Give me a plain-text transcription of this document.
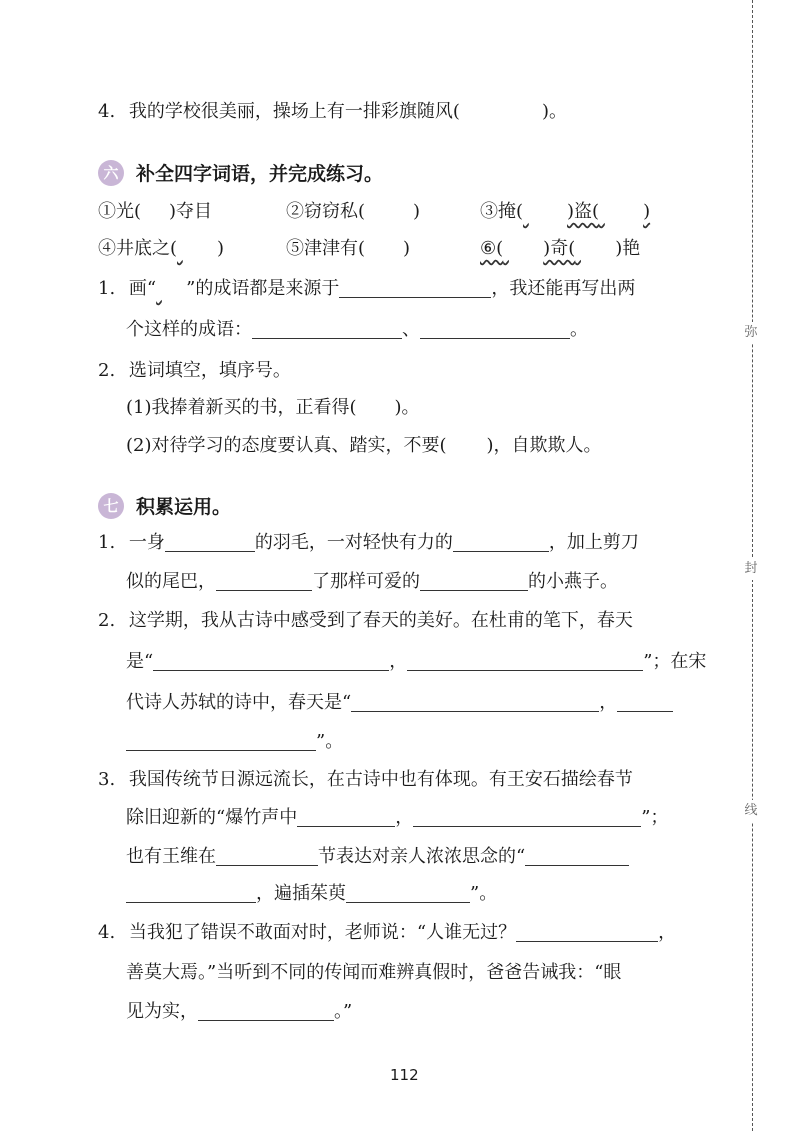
4. 我的学校很美丽，操场上有一排彩旗随风(	)。
六 补全四字词语，并完成练习。
①光( )夺目	②窃窃私(	)	③掩( )盗( )
④井底之( )	⑤津津有( )	⑥( )奇( )艳
1. 画“ ”的成语都是来源于	，我还能再写出两
个这样的成语：	、	。
2. 选词填空，填序号。
(1)我捧着新买的书，正看得( )。
(2)对待学习的态度要认真、踏实，不要( )，自欺欺人。
七 积累运用。
1. 一身	的羽毛，一对轻快有力的	，加上剪刀
似的尾巴，	了那样可爱的	的小燕子。
2. 这学期，我从古诗中感受到了春天的美好。在杜甫的笔下，春天
是“	，	”；在宋
代诗人苏轼的诗中，春天是“	，
”。
3. 我国传统节日源远流长，在古诗中也有体现。有王安石描绘春节
除旧迎新的“爆竹声中	，	”；
也有王维在	节表达对亲人浓浓思念的“
，遍插茱萸	”。
4. 当我犯了错误不敢面对时，老师说：“人谁无过？	，
善莫大焉。”当听到不同的传闻而难辨真假时，爸爸告诫我：“眼
见为实，	。”
112
弥
封
线
